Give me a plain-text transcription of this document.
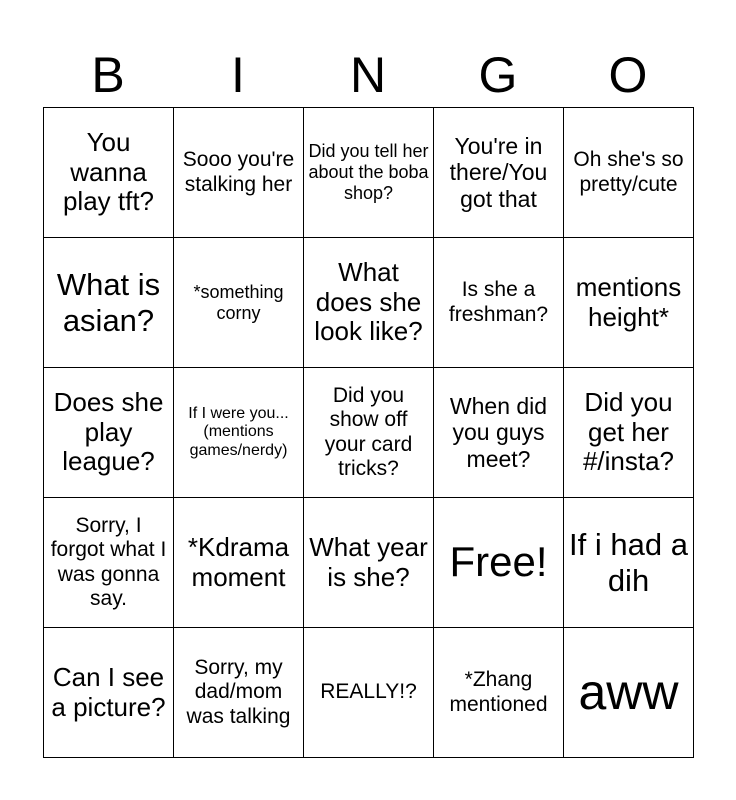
B	I	N	G	O
You wanna play tft?
Sooo you're stalking her
Did you tell her about the boba shop?
You're in there/You got that
Oh she's so pretty/cute
What is asian?
*something corny
What does she look like?
Is she a freshman?
mentions height*
Does she play league?
If I were you... (mentions games/nerdy)
Did you show off your card tricks?
When did you guys meet?
Did you get her #/insta?
Sorry, I forgot what I was gonna say.
*Kdrama moment
What year is she? Free! If i had a dih
Can I see a picture?
Sorry, my dad/mom was talking
REALLY!?
*Zhang mentioned aww
